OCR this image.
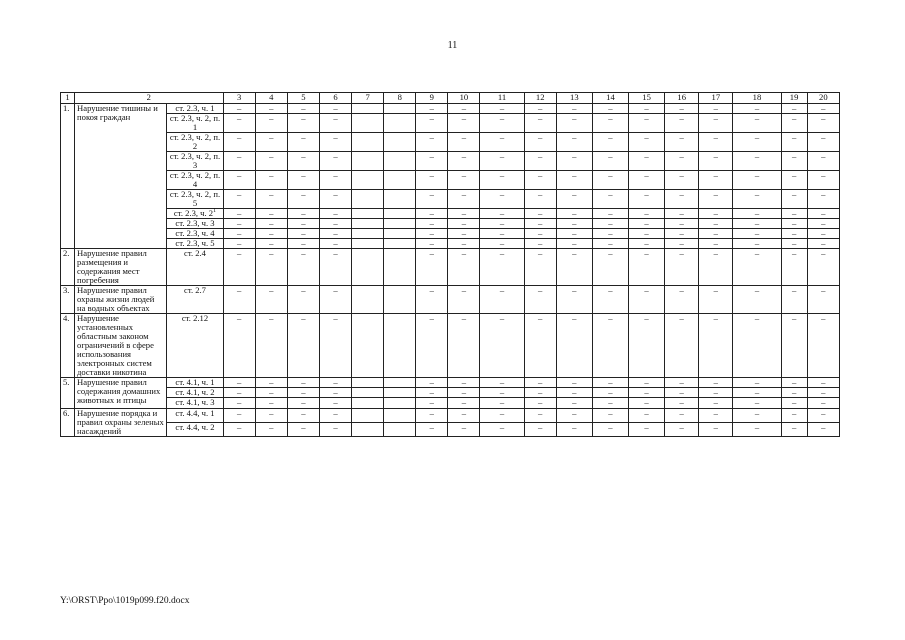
11
1	2		3	4	5	6	7	8	9	10	11	12	13	14	15	16	17	18	19	20
1.	Нарушение тишины и покоя граждан	ст. 2.3, ч. 1	–	–	–	–			–	–	–	–	–	–	–	–	–	–	–	–
		ст. 2.3, ч. 2, п. 1	–	–	–	–			–	–	–	–	–	–	–	–	–	–	–	–
		ст. 2.3, ч. 2, п. 2	–	–	–	–			–	–	–	–	–	–	–	–	–	–	–	–
		ст. 2.3, ч. 2, п. 3	–	–	–	–			–	–	–	–	–	–	–	–	–	–	–	–
		ст. 2.3, ч. 2, п. 4	–	–	–	–			–	–	–	–	–	–	–	–	–	–	–	–
		ст. 2.3, ч. 2, п. 5	–	–	–	–			–	–	–	–	–	–	–	–	–	–	–	–
		ст. 2.3, ч. $2^1$	–	–	–	–			–	–	–	–	–	–	–	–	–	–	–	–
		ст. 2.3, ч. 3	–	–	–	–			–	–	–	–	–	–	–	–	–	–	–	–
		ст. 2.3, ч. 4	–	–	–	–			–	–	–	–	–	–	–	–	–	–	–	–
		ст. 2.3, ч. 5	–	–	–	–			–	–	–	–	–	–	–	–	–	–	–	–
2.	Нарушение правил размещения и содержания мест погребения	ст. 2.4	–	–	–	–			–	–	–	–	–	–	–	–	–	–	–	–
3.	Нарушение правил охраны жизни людей на водных объектах	ст. 2.7	–	–	–	–			–	–	–	–	–	–	–	–	–	–	–	–
4.	Нарушение установленных областным законом ограничений в сфере использования электронных систем доставки никотина	ст. 2.12	–	–	–	–			–	–	–	–	–	–	–	–	–	–	–	–
5.	Нарушение правил содержания домашних животных и птицы	ст. 4.1, ч. 1	–	–	–	–			–	–	–	–	–	–	–	–	–	–	–	–
		ст. 4.1, ч. 2	–	–	–	–			–	–	–	–	–	–	–	–	–	–	–	–
		ст. 4.1, ч. 3	–	–	–	–			–	–	–	–	–	–	–	–	–	–	–	–
6.	Нарушение порядка и правил охраны зеленых насаждений	ст. 4.4, ч. 1	–	–	–	–			–	–	–	–	–	–	–	–	–	–	–	–
		ст. 4.4, ч. 2	–	–	–	–			–	–	–	–	–	–	–	–	–	–	–	–
Y:\ORST\Ppo\1019p099.f20.docx
